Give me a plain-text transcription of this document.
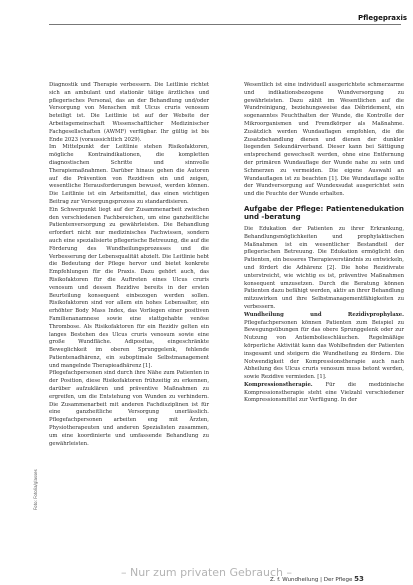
Pflegepraxis

Diagnostik und Therapie verbessern. Die Leitlinie richtet sich an ambulant und stationär tätige ärztliches und pflegerisches Personal, das an der Behandlung und/oder Versorgung von Menschen mit Ulcus cruris venosum beteiligt ist. Die Leitlinie ist auf der Website der Arbeitsgemeinschaft Wissenschaftlicher Medizinischer Fachgesellschaften (AWMF) verfügbar. Ihr gültig ist bis Ende 2023 (voraussichtlich 2029).

Im Mittelpunkt der Leitlinie stehen Risikofaktoren, mögliche Kontraindikationen, die kompletten diagnostischen Schritte und sinnvolle Therapiemaßnahmen. Darüber hinaus gehen die Autoren auf die Prävention von Rezidiven ein und zeigen, wesentliche Herausforderungen bewusst, werden können. Die Leitlinie ist ein Arbeitsmittel, das einen wichtigen Beitrag zur Versorgungsprozess zu standardisieren.

Ein Schwerpunkt liegt auf der Zusammenarbeit zwischen den verschiedenen Fachbereichen, um eine ganzheitliche Patientenversorgung zu gewährleisten. Die Behandlung erfordert nicht nur medizinisches Fachwissen, sondern auch eine spezialisierte pflegerische Betreuung, die auf die Förderung des Wundheilungsprozesses und die Verbesserung der Lebensqualität abzielt. Die Leitlinie hebt die Bedeutung der Pflege hervor und bietet konkrete Empfehlungen für die Praxis. Dazu gehört auch, das Risikofaktoren für die Auftreten eines Ulcus cruris venosum und dessen Rezidive bereits in der ersten Beurteilung konsequent einbezogen werden sollen. Risikofaktoren sind vor allem ein hohes Lebensalter, ein erhöhter Body Mass Index, das Vorliegen einer positiven Familienanamnese sowie eine stattgehabte venöse Thrombose. Als Risikofaktoren für ein Rezidiv gelten ein langes Bestehen des Ulcus cruris venosum sowie eine große Wundfläche. Adipositas, eingeschränkte Beweglichkeit im oberen Sprunggelenk, fehlende Patientenadhärenz, ein suboptimale Selbstmanagement und mangelnde Therapieadhärenz [1].

Pflegefachpersonen sind durch ihre Nähe zum Patienten in der Position, diese Risikofaktoren frühzeitig zu erkennen, darüber aufzuklären und präventive Maßnahmen zu ergreifen, um die Entstehung von Wunden zu verhindern. Die Zusammenarbeit mit anderen Fachdisziplinen ist für eine ganzheitliche Versorgung unerlässlich. Pflegefachpersonen arbeiten eng mit Ärzten, Physiotherapeuten und anderen Spezialisten zusammen, um eine koordinierte und umfassende Behandlung zu gewährleisten.

Wesentlich ist eine individuell ausgerichtete schmerzarme und indikationsbezogene Wundversorgung zu gewährleisten. Dazu zählt im Wesentlichen auf die Wundreinigung, beziehungsweise das Débridement, ein sogenanntes Feuchthalten der Wunde, die Kontrolle der Mikroorganismen und Fremdkörper als Maßnahme. Zusätzlich werden Wundauflagen empfohlen, die die Zusatzbehandlung dienen und dienen der dunkler liegenden Sekundärverband. Dieser kann bei Sättigung entsprechend gewechselt werden, ohne eine Entfernung der primären Wundauflage der Wunde nahe zu sein und Schmerzen zu vermeiden. Die eigene Auswahl an Wundauflagen ist zu beachten [1]. Die Wundauflage sollte der Wundversorgung auf Wundexsudat ausgerichtet sein und die Feuchte der Wunde erhalten.

Aufgabe der Pflege: Patientenedukation und -beratung

Die Edukation der Patienten zu ihrer Erkrankung, Behandlungsmöglichkeiten und prophylaktischen Maßnahmen ist ein wesentlicher Bestandteil der pflegerischen Betreuung. Die Edukation ermöglicht den Patienten, ein besseres Therapieverständnis zu entwickeln, und fördert die Adhärenz [2]. Die hohe Rezidivrate unterstreicht, wie wichtig es ist, präventive Maßnahmen konsequent umzusetzen. Durch die Beratung können Patienten dazu befähigt werden, aktiv an ihrer Behandlung mitzuwirken und ihre Selbstmanagementfähigkeiten zu verbessern.

Wundheilung und Rezidivprophylaxe. Pflegefachpersonen können Patienten zum Beispiel zu Bewegungsübungen für das obere Sprunggelenk oder zur Nutzung von Antiembolieschläuchen. Regelmäßige körperliche Aktivität kann das Wohlbefinden der Patienten insgesamt und steigern die Wundheilung zu fördern. Die Notwendigkeit der Kompressionstherapie auch nach Abheilung des Ulcus cruris venosum muss betont werden, sowie Rezidive vermieden. [1].

Kompressionstherapie. Für die medizinische Kompressionstherapie steht eine Vielzahl verschiedener Kompressionsmittel zur Verfügung. In der

Foto: Fotolia/glasses
– Nur zum privaten Gebrauch –
Z. f. Wundheilung | Der Pflege 53
